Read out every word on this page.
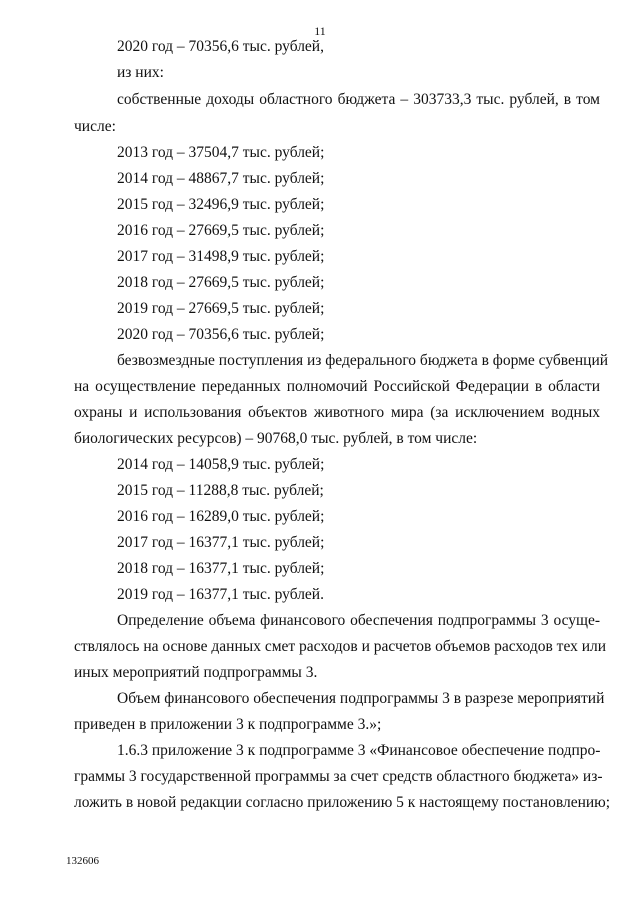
11
2020 год – 70356,6 тыс. рублей,
из них:
собственные доходы областного бюджета – 303733,3 тыс. рублей, в том
числе:
2013 год – 37504,7 тыс. рублей;
2014 год – 48867,7 тыс. рублей;
2015 год – 32496,9 тыс. рублей;
2016 год – 27669,5 тыс. рублей;
2017 год – 31498,9 тыс. рублей;
2018 год – 27669,5 тыс. рублей;
2019 год – 27669,5 тыс. рублей;
2020 год – 70356,6 тыс. рублей;
безвозмездные поступления из федерального бюджета в форме субвенций
на осуществление переданных полномочий Российской Федерации в области
охраны и использования объектов животного мира (за исключением водных
биологических ресурсов) – 90768,0 тыс. рублей, в том числе:
2014 год – 14058,9 тыс. рублей;
2015 год – 11288,8 тыс. рублей;
2016 год – 16289,0 тыс. рублей;
2017 год – 16377,1 тыс. рублей;
2018 год – 16377,1 тыс. рублей;
2019 год – 16377,1 тыс. рублей.
Определение объема финансового обеспечения подпрограммы 3 осуще-
ствлялось на основе данных смет расходов и расчетов объемов расходов тех или
иных мероприятий подпрограммы 3.
Объем финансового обеспечения подпрограммы 3 в разрезе мероприятий
приведен в приложении 3 к подпрограмме 3.»;
1.6.3 приложение 3 к подпрограмме 3 «Финансовое обеспечение подпро-
граммы 3 государственной программы за счет средств областного бюджета» из-
ложить в новой редакции согласно приложению 5 к настоящему постановлению;
132606
